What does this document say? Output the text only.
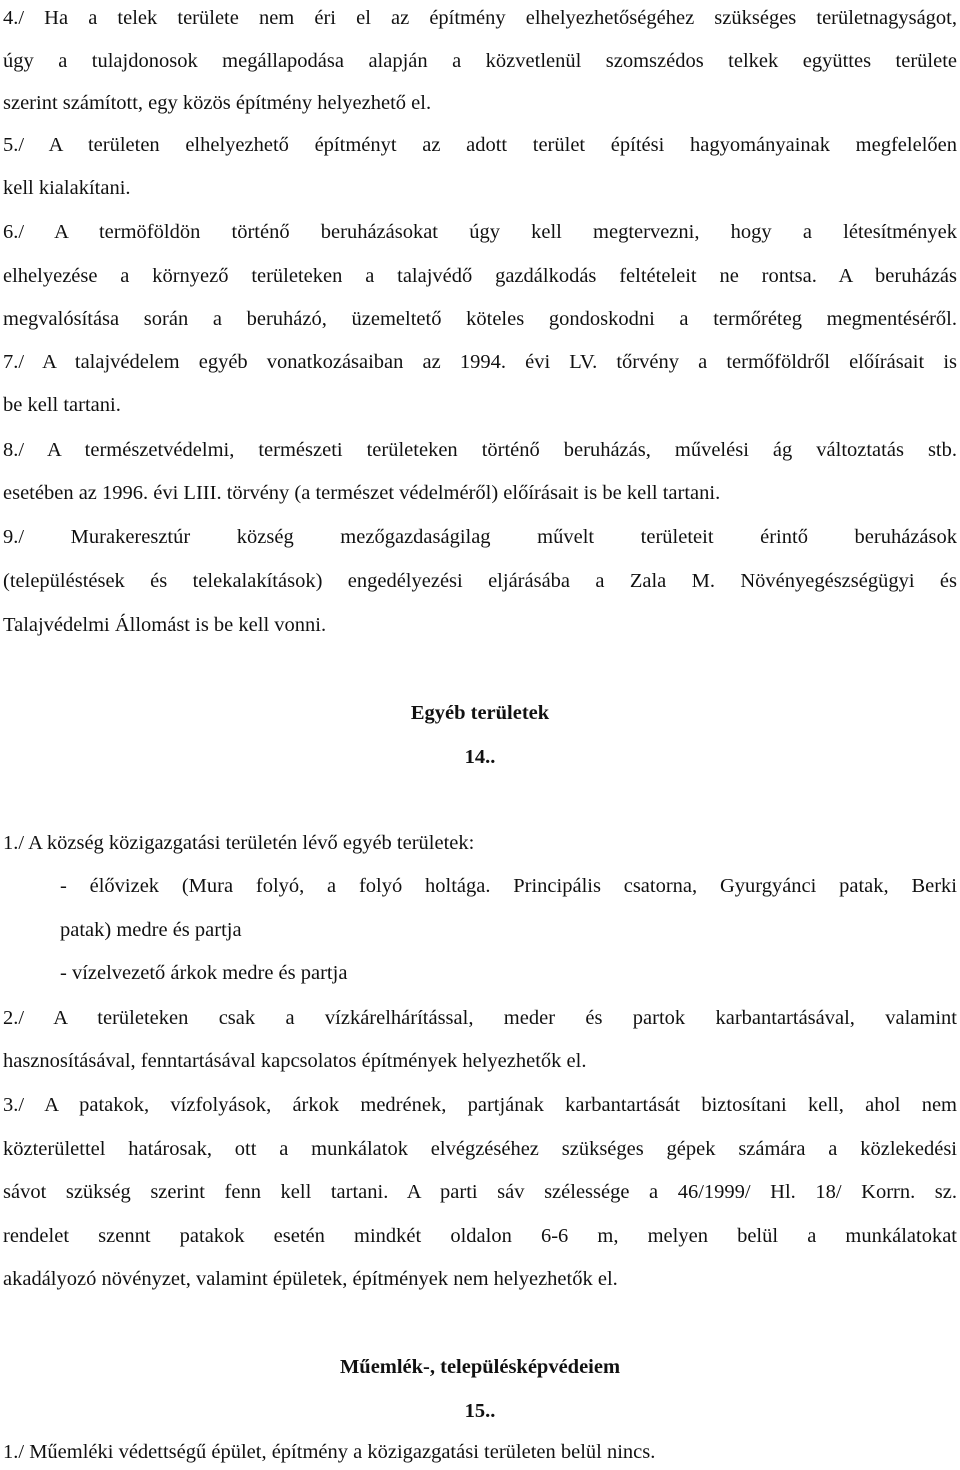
4./ Ha a telek területe nem éri el az építmény elhelyezhetőségéhez szükséges területnagyságot,
úgy a tulajdonosok megállapodása alapján a közvetlenül szomszédos telkek együttes területe
szerint számított, egy közös építmény helyezhető el.
5./ A területen elhelyezhető építményt az adott terület építési hagyományainak megfelelően
kell kialakítani.
6./ A termöföldön történő beruházásokat úgy kell megtervezni, hogy a létesítmények
elhelyezése a környező területeken a talajvédő gazdálkodás feltételeit ne rontsa. A beruházás
megvalósítása során a beruházó, üzemeltető köteles gondoskodni a termőréteg megmentéséről.
7./ A talajvédelem egyéb vonatkozásaiban az 1994. évi LV. tőrvény a termőföldről előírásait is
be kell tartani.
8./ A természetvédelmi, természeti területeken történő beruházás, művelési ág változtatás stb.
esetében az 1996. évi LIII. törvény (a természet védelméről) előírásait is be kell tartani.
9./ Murakeresztúr község mezőgazdaságilag művelt területeit érintő beruházások
(településtések és telekalakítások) engedélyezési eljárásába a Zala M. Növényegészségügyi és
Talajvédelmi Állomást is be kell vonni.
Egyéb területek
14..
1./ A község közigazgatási területén lévő egyéb területek:
- élővizek (Mura folyó, a folyó holtága. Principális csatorna, Gyurgyánci patak, Berki
patak) medre és partja
- vízelvezető árkok medre és partja
2./ A területeken csak a vízkárelhárítással, meder és partok karbantartásával, valamint
hasznosításával, fenntartásával kapcsolatos építmények helyezhetők el.
3./ A patakok, vízfolyások, árkok medrének, partjának karbantartását biztosítani kell, ahol nem
közterülettel határosak, ott a munkálatok elvégzéséhez szükséges gépek számára a közlekedési
sávot szükség szerint fenn kell tartani. A parti sáv szélessége a 46/1999/ Hl. 18/ Korrn. sz.
rendelet szennt patakok esetén mindkét oldalon 6-6 m, melyen belül a munkálatokat
akadályozó növényzet, valamint épületek, építmények nem helyezhetők el.
Műemlék-, településképvédeiem
15..
1./ Műemléki védettségű épület, építmény a közigazgatási területen belül nincs.
